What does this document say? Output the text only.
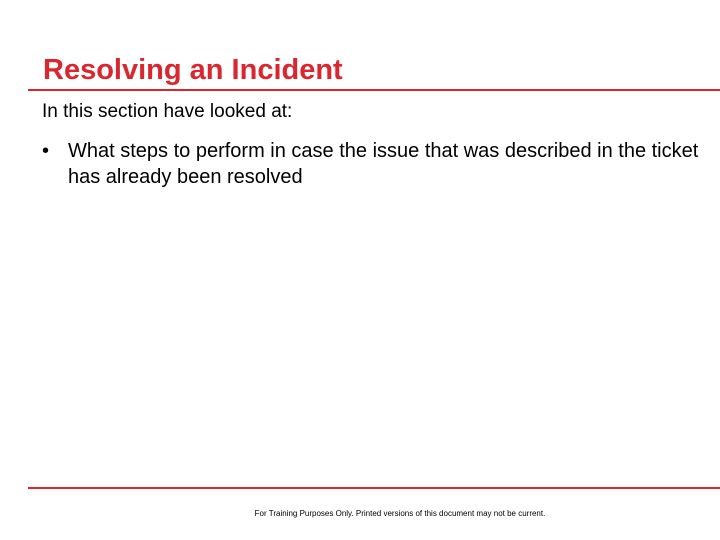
Resolving an Incident
In this section have looked at:
• What steps to perform in case the issue that was described in the ticket has already been resolved
For Training Purposes Only. Printed versions of this document may not be current.
